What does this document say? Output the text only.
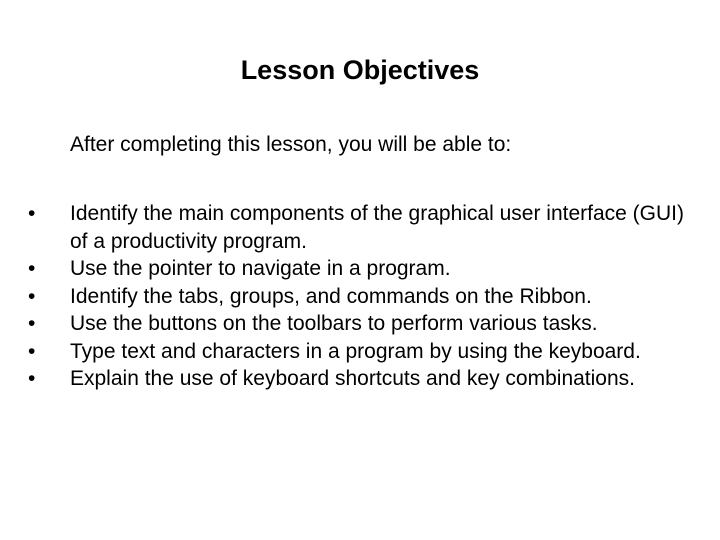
Lesson Objectives

After completing this lesson, you will be able to:

•	Identify the main components of the graphical user interface (GUI) of a productivity program.
•	Use the pointer to navigate in a program.
•	Identify the tabs, groups, and commands on the Ribbon.
•	Use the buttons on the toolbars to perform various tasks.
•	Type text and characters in a program by using the keyboard.
•	Explain the use of keyboard shortcuts and key combinations.
